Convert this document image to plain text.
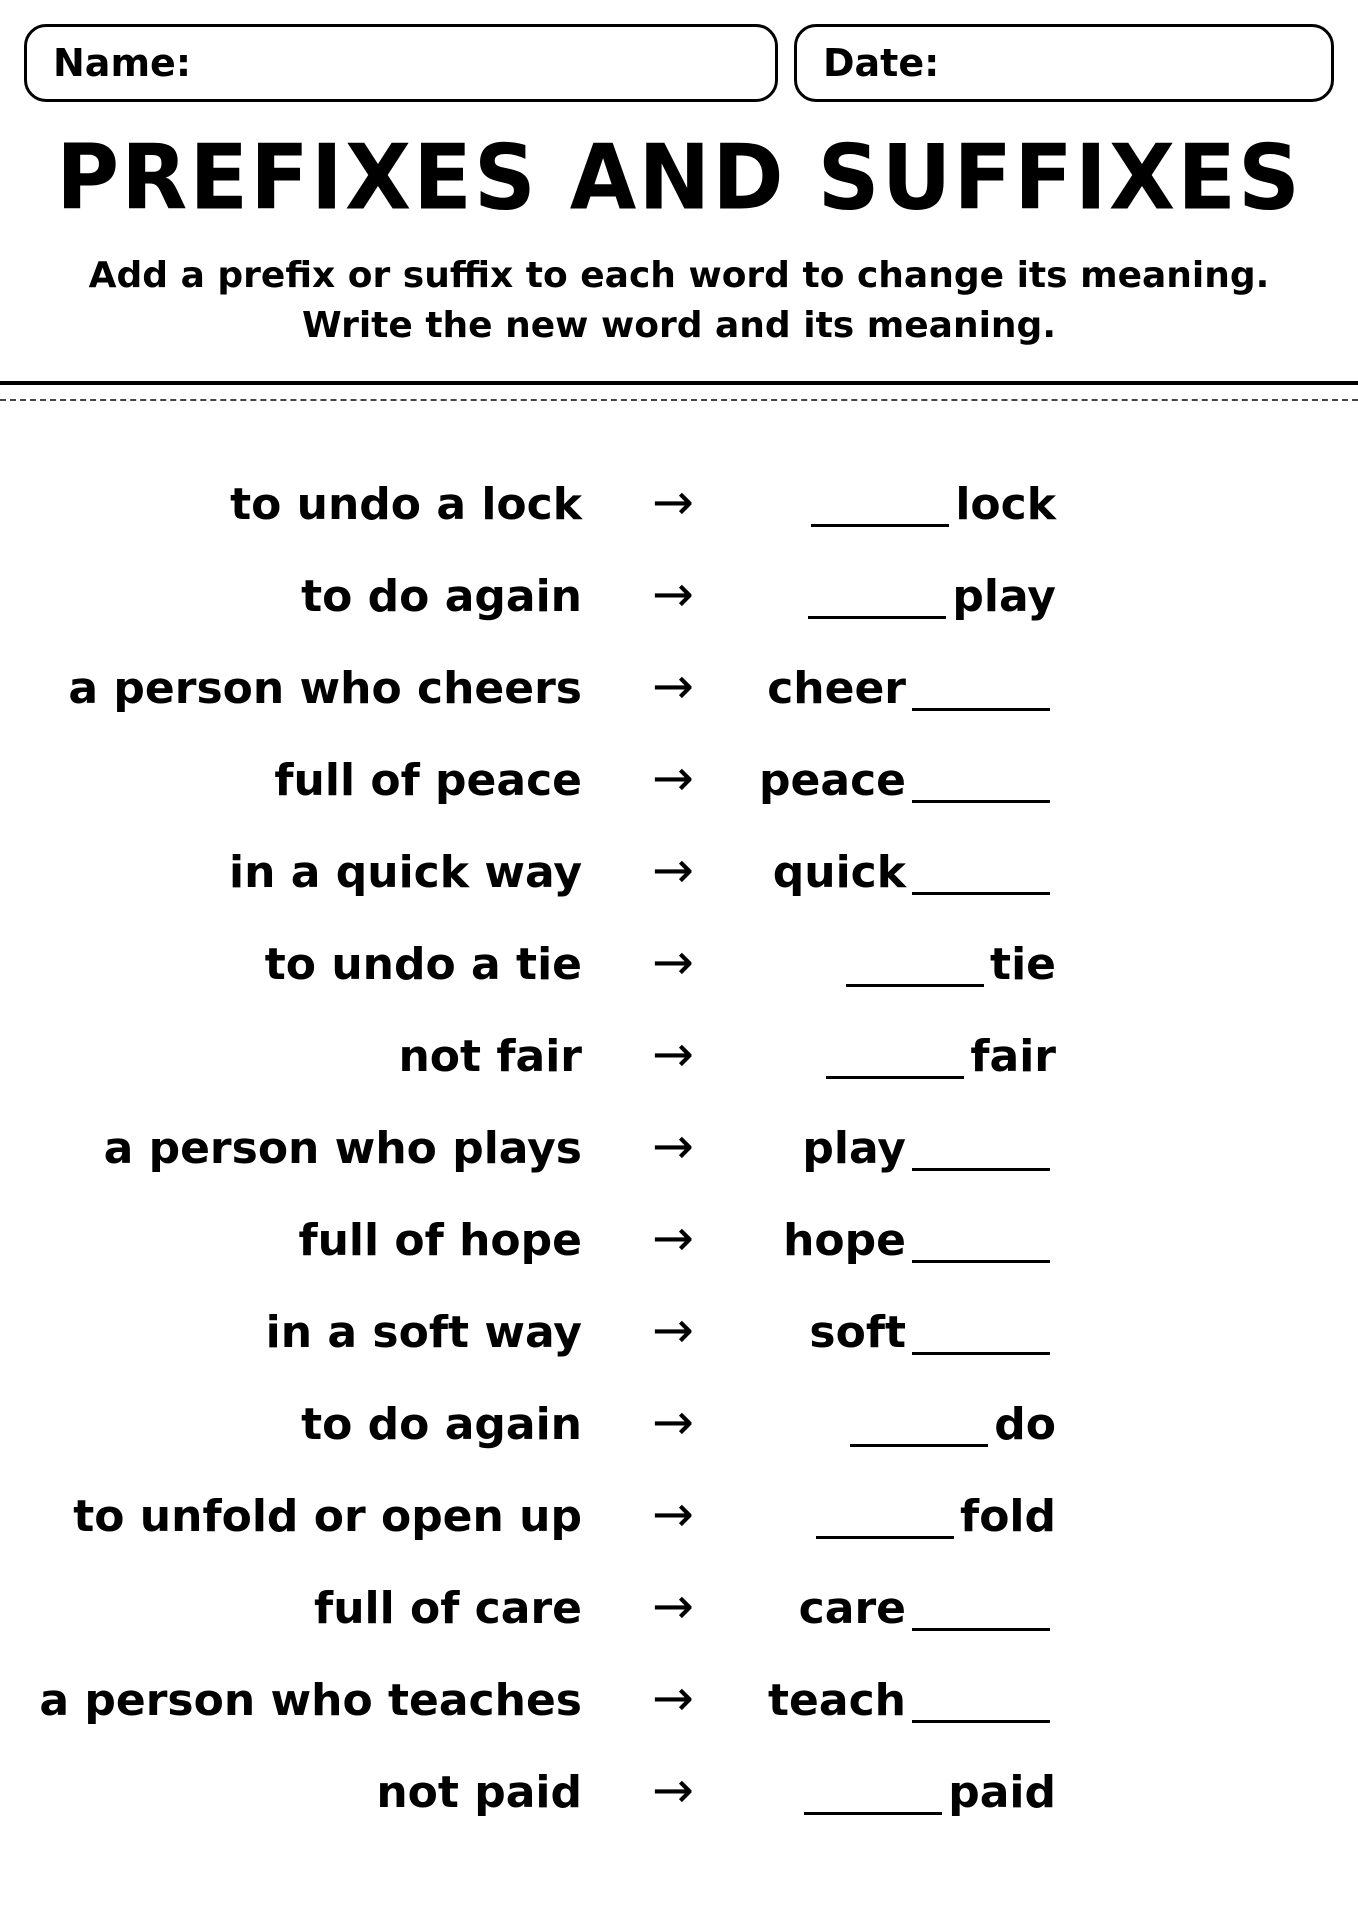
Name:	Date:
PREFIXES AND SUFFIXES
Add a prefix or suffix to each word to change its meaning.
Write the new word and its meaning.
to undo a lock →	lock
to do again →	play
a person who cheers → cheer
full of peace → peace
in a quick way → quick
to undo a tie →	tie
not fair →	fair
a person who plays → play
full of hope → hope
in a soft way →	soft
to do again →	do
to unfold or open up →	fold
full of care → care
a person who teaches → teach
not paid →	paid
